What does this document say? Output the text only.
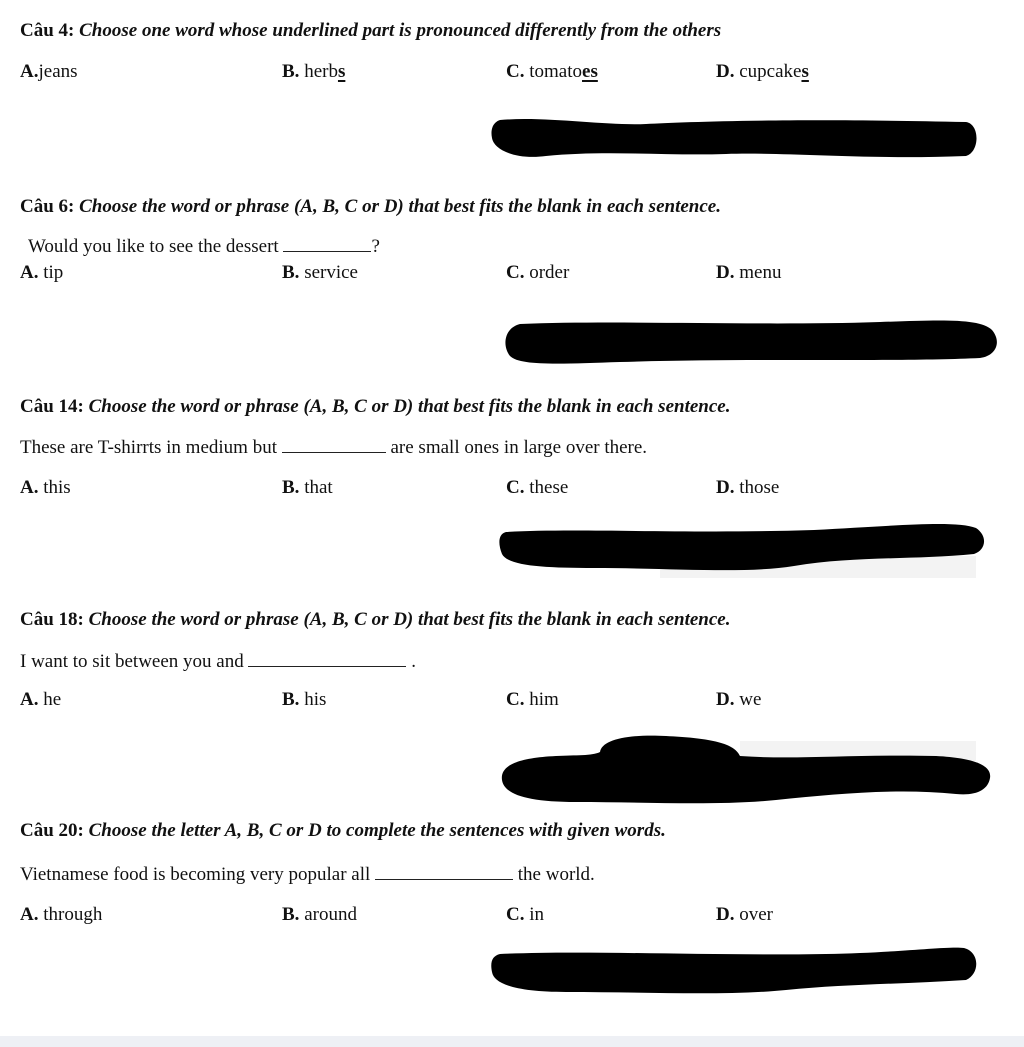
Câu 4: Choose one word whose underlined part is pronounced differently from the others
A.jeans	B. herbs	C. tomatoes	D. cupcakes
Câu 6: Choose the word or phrase (A, B, C or D) that best fits the blank in each sentence.
Would you like to see the dessert	?
A. tip	B. service	C. order	D. menu
Câu 14: Choose the word or phrase (A, B, C or D) that best fits the blank in each sentence.
These are T-shirrts in medium but	are small ones in large over there.
A. this	B. that	C. these	D. those
Câu 18: Choose the word or phrase (A, B, C or D) that best fits the blank in each sentence.
I want to sit between you and	.
A. he	B. his	C. him	D. we
Câu 20: Choose the letter A, B, C or D to complete the sentences with given words.
Vietnamese food is becoming very popular all	the world.
A. through	B. around	C. in	D. over
